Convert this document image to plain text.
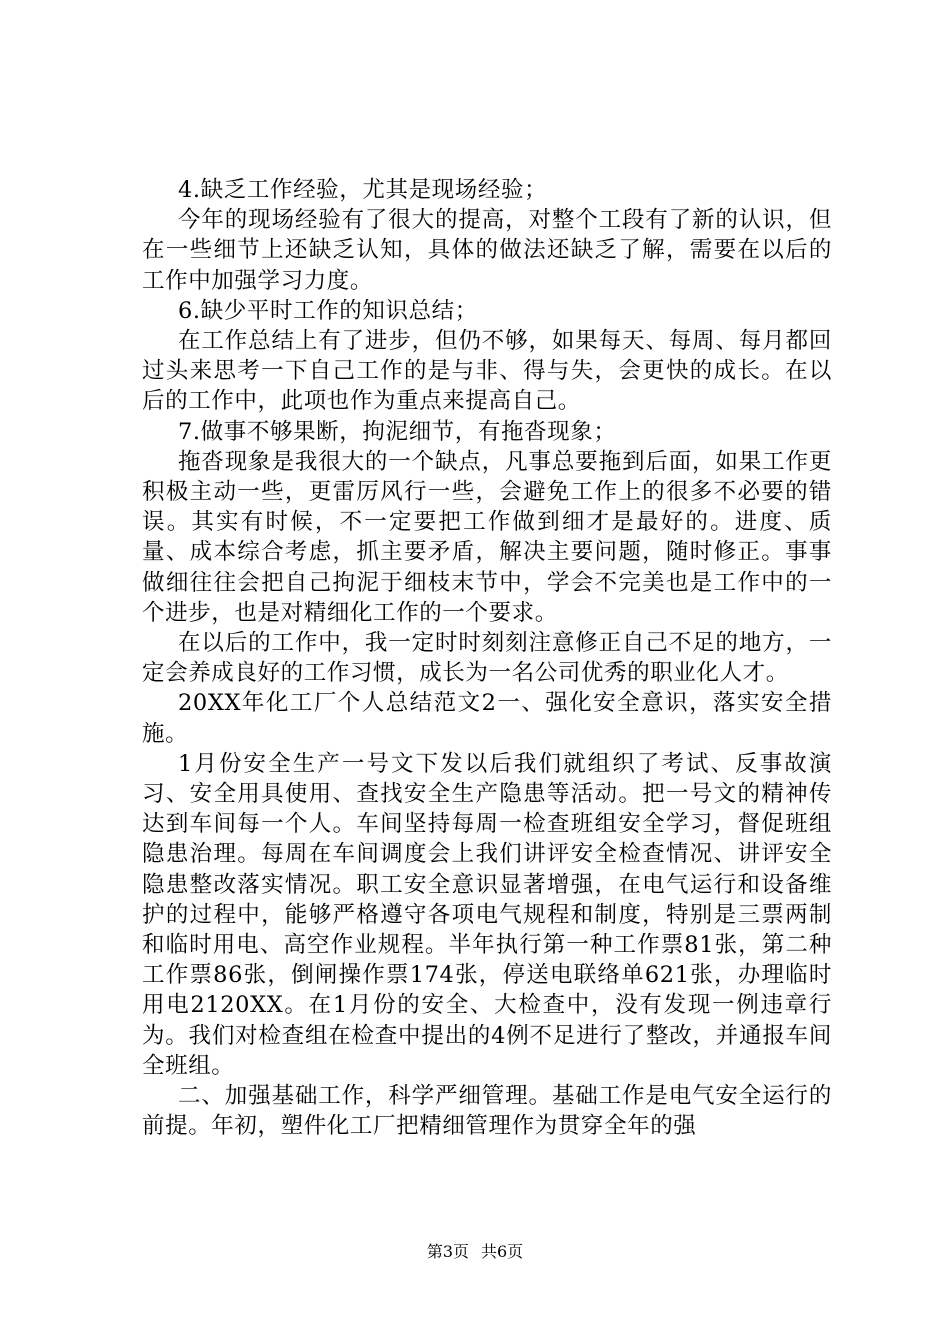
4.缺乏工作经验，尤其是现场经验；

今年的现场经验有了很大的提高，对整个工段有了新的认识，但在一些细节上还缺乏认知，具体的做法还缺乏了解，需要在以后的工作中加强学习力度。

6.缺少平时工作的知识总结；

在工作总结上有了进步，但仍不够，如果每天、每周、每月都回过头来思考一下自己工作的是与非、得与失，会更快的成长。在以后的工作中，此项也作为重点来提高自己。

7.做事不够果断，拘泥细节，有拖沓现象；

拖沓现象是我很大的一个缺点，凡事总要拖到后面，如果工作更积极主动一些，更雷厉风行一些，会避免工作上的很多不必要的错误。其实有时候，不一定要把工作做到细才是最好的。进度、质量、成本综合考虑，抓主要矛盾，解决主要问题，随时修正。事事做细往往会把自己拘泥于细枝末节中，学会不完美也是工作中的一个进步，也是对精细化工作的一个要求。

在以后的工作中，我一定时时刻刻注意修正自己不足的地方，一定会养成良好的工作习惯，成长为一名公司优秀的职业化人才。

20XX年化工厂个人总结范文2一、强化安全意识，落实安全措施。

1月份安全生产一号文下发以后我们就组织了考试、反事故演习、安全用具使用、查找安全生产隐患等活动。把一号文的精神传达到车间每一个人。车间坚持每周一检查班组安全学习，督促班组隐患治理。每周在车间调度会上我们讲评安全检查情况、讲评安全隐患整改落实情况。职工安全意识显著增强，在电气运行和设备维护的过程中，能够严格遵守各项电气规程和制度，特别是三票两制和临时用电、高空作业规程。半年执行第一种工作票81张，第二种工作票86张，倒闸操作票174张，停送电联络单621张，办理临时用电2120XX。在1月份的安全、大检查中，没有发现一例违章行为。我们对检查组在检查中提出的4例不足进行了整改，并通报车间全班组。

二、加强基础工作，科学严细管理。基础工作是电气安全运行的前提。年初，塑件化工厂把精细管理作为贯穿全年的强

第3页 共6页
